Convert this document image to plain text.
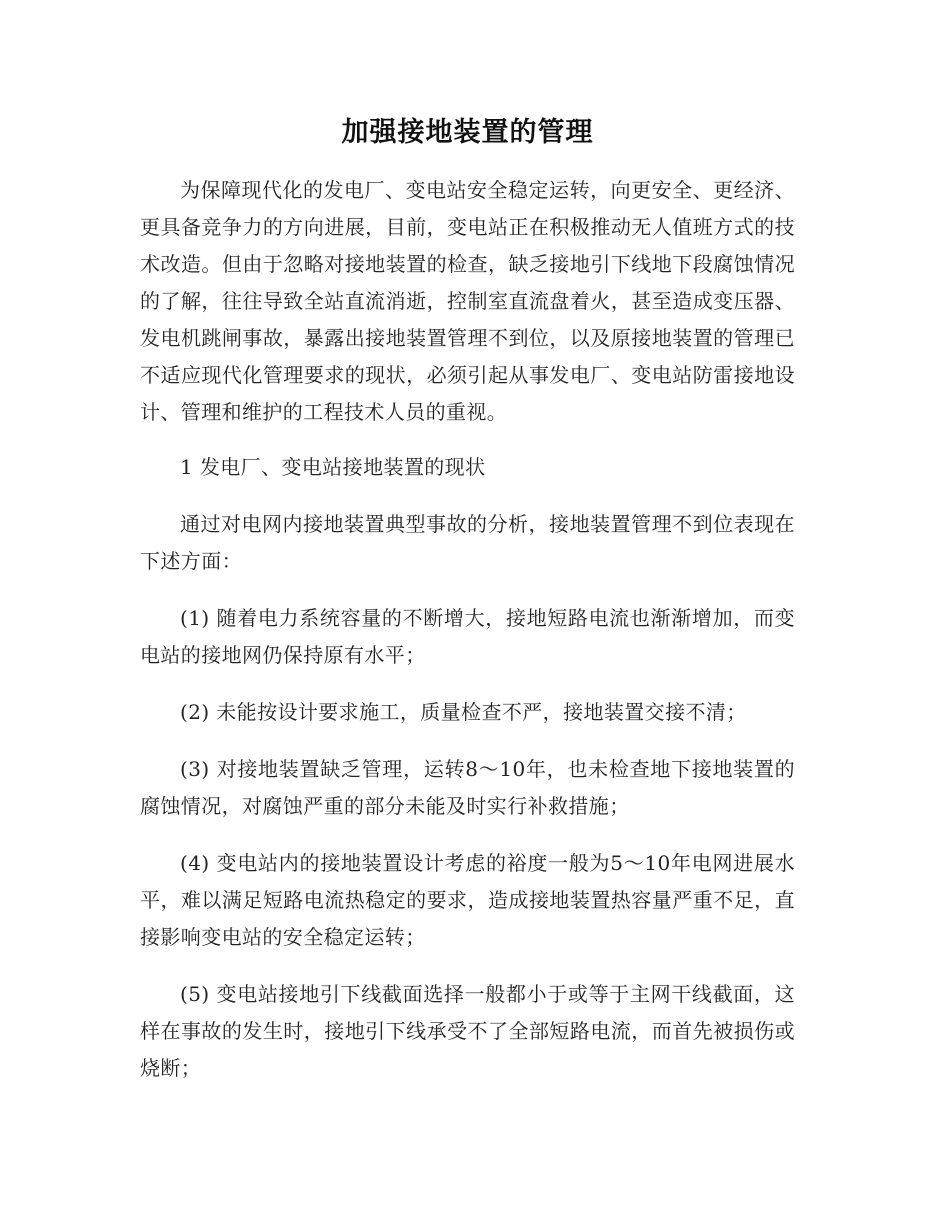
加强接地装置的管理

为保障现代化的发电厂、变电站安全稳定运转，向更安全、更经济、更具备竞争力的方向进展，目前，变电站正在积极推动无人值班方式的技术改造。但由于忽略对接地装置的检查，缺乏接地引下线地下段腐蚀情况的了解，往往导致全站直流消逝，控制室直流盘着火，甚至造成变压器、发电机跳闸事故，暴露出接地装置管理不到位，以及原接地装置的管理已不适应现代化管理要求的现状，必须引起从事发电厂、变电站防雷接地设计、管理和维护的工程技术人员的重视。

1 发电厂、变电站接地装置的现状

通过对电网内接地装置典型事故的分析，接地装置管理不到位表现在下述方面：

(1) 随着电力系统容量的不断增大，接地短路电流也渐渐增加，而变电站的接地网仍保持原有水平；

(2) 未能按设计要求施工，质量检查不严，接地装置交接不清；

(3) 对接地装置缺乏管理，运转8～10年，也未检查地下接地装置的腐蚀情况，对腐蚀严重的部分未能及时实行补救措施；

(4) 变电站内的接地装置设计考虑的裕度一般为5～10年电网进展水平，难以满足短路电流热稳定的要求，造成接地装置热容量严重不足，直接影响变电站的安全稳定运转；

(5) 变电站接地引下线截面选择一般都小于或等于主网干线截面，这样在事故的发生时，接地引下线承受不了全部短路电流，而首先被损伤或烧断；
